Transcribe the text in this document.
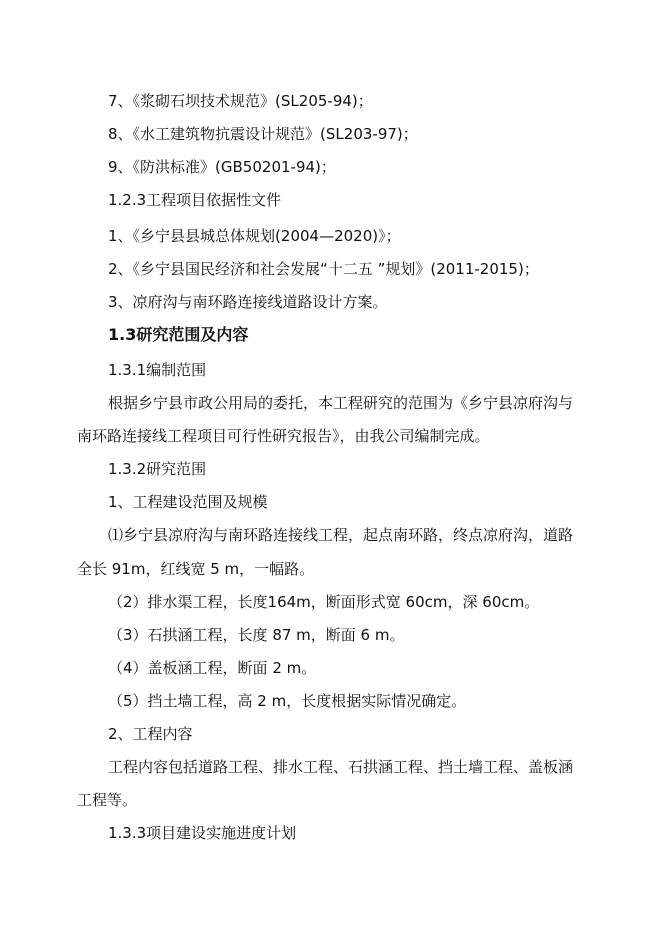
7、《浆砌石坝技术规范》(SL205-94)；
8、《水工建筑物抗震设计规范》(SL203-97)；
9、《防洪标准》(GB50201-94)；
1.2.3工程项目依据性文件
1、《乡宁县县城总体规划(2004—2020)》；
2、《乡宁县国民经济和社会发展“十二五 ”规划》(2011-2015)；
3、凉府沟与南环路连接线道路设计方案。
1.3研究范围及内容
1.3.1编制范围
根据乡宁县市政公用局的委托，本工程研究的范围为《乡宁县凉府沟与
南环路连接线工程项目可行性研究报告》，由我公司编制完成。
1.3.2研究范围
1、工程建设范围及规模
⑴乡宁县凉府沟与南环路连接线工程，起点南环路，终点凉府沟，道路
全长 91m，红线宽 5 m，一幅路。
（2）排水渠工程，长度164m，断面形式宽 60cm，深 60cm。
（3）石拱涵工程，长度 87 m，断面 6 m。
（4）盖板涵工程，断面 2 m。
（5）挡土墙工程，高 2 m，长度根据实际情况确定。
2、工程内容
工程内容包括道路工程、排水工程、石拱涵工程、挡土墙工程、盖板涵
工程等。
1.3.3项目建设实施进度计划
